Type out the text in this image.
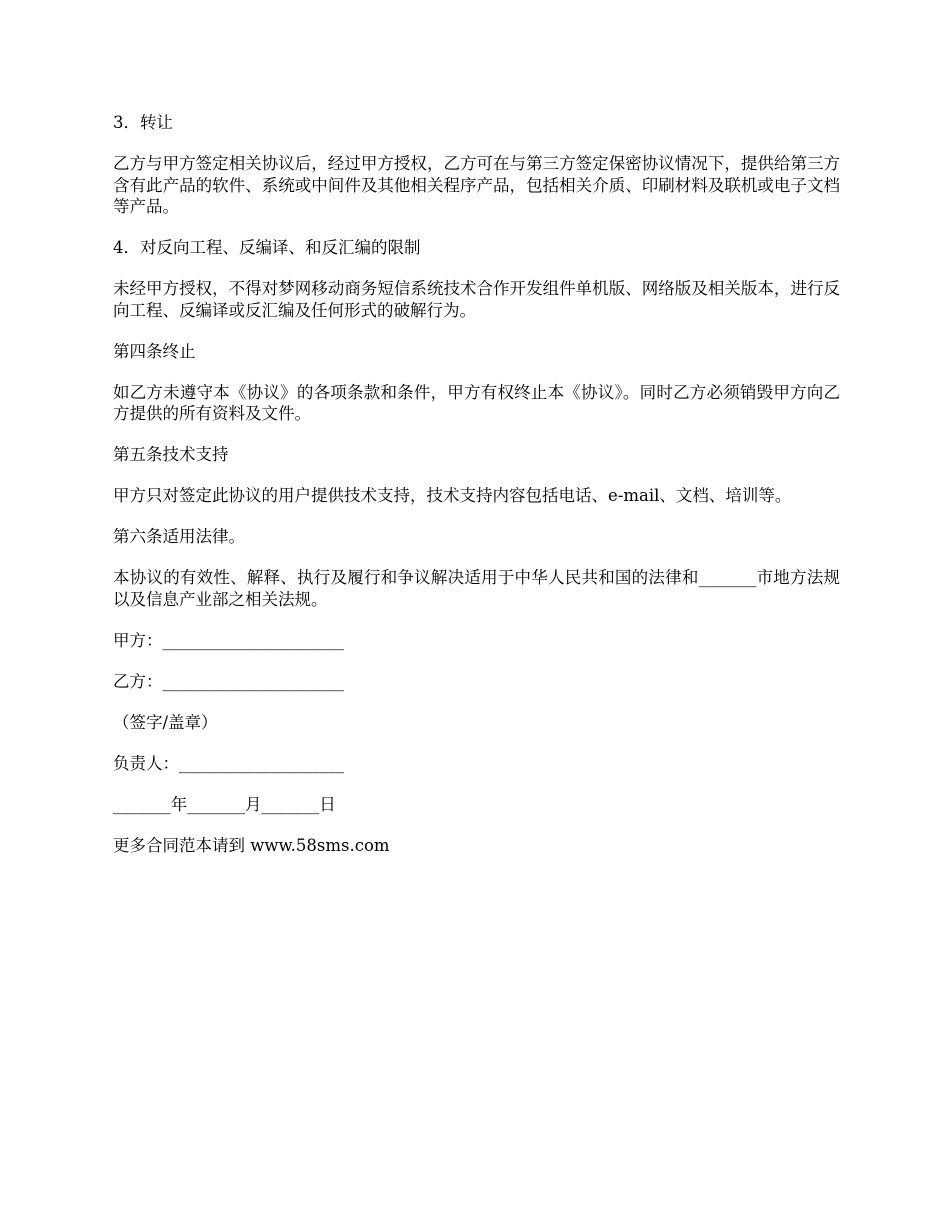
3．转让

乙方与甲方签定相关协议后，经过甲方授权，乙方可在与第三方签定保密协议情况下，提供给第三方含有此产品的软件、系统或中间件及其他相关程序产品，包括相关介质、印刷材料及联机或电子文档等产品。

4．对反向工程、反编译、和反汇编的限制

未经甲方授权，不得对梦网移动商务短信系统技术合作开发组件单机版、网络版及相关版本，进行反向工程、反编译或反汇编及任何形式的破解行为。

第四条终止

如乙方未遵守本《协议》的各项条款和条件，甲方有权终止本《协议》。同时乙方必须销毁甲方向乙方提供的所有资料及文件。

第五条技术支持

甲方只对签定此协议的用户提供技术支持，技术支持内容包括电话、e-mail、文档、培训等。

第六条适用法律。

本协议的有效性、解释、执行及履行和争议解决适用于中华人民共和国的法律和_______市地方法规以及信息产业部之相关法规。

甲方：______________________

乙方：______________________

（签字/盖章）

负责人：____________________

_______年_______月_______日

更多合同范本请到 www.58sms.com
